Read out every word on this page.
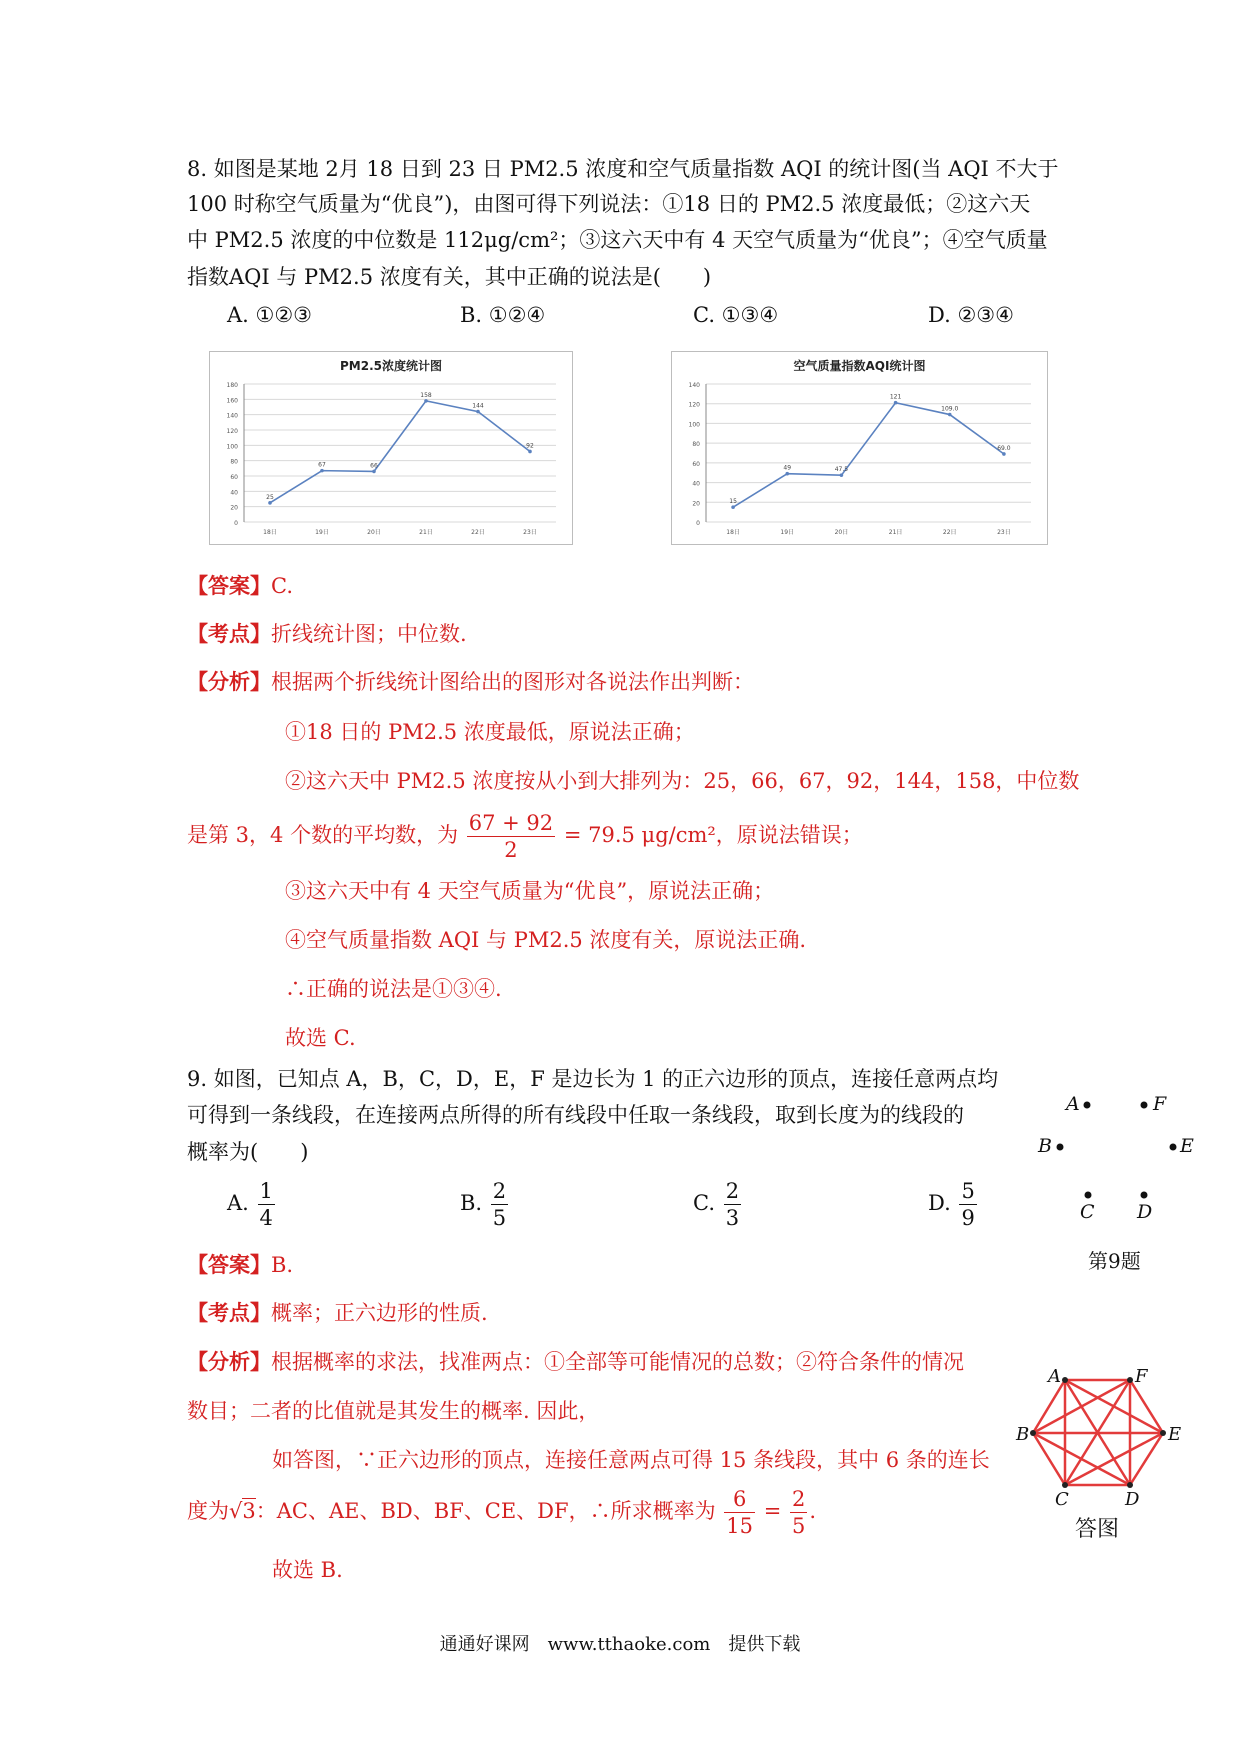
8. 如图是某地 2月 18 日到 23 日 PM2.5 浓度和空气质量指数 AQI 的统计图(当 AQI 不大于
100 时称空气质量为“优良”)，由图可得下列说法：①18 日的 PM2.5 浓度最低；②这六天
中 PM2.5 浓度的中位数是 112μg/cm²；③这六天中有 4 天空气质量为“优良”；④空气质量
指数AQI 与 PM2.5 浓度有关，其中正确的说法是(　　)
A. ①②③	B. ①②④	C. ①③④	D. ②③④
PM2.5浓度统计图
0
20
40
60
80
100
120
140
160
180
18日	19日	20日	21日	22日	23日
25
67	66
158
144
92
空气质量指数AQI统计图
0
20
40
60
80
100
120
140
18日	19日	20日	21日	22日	23日
15
49	47.5
121
109.0
69.0
【答案】C.
【考点】折线统计图；中位数.
【分析】根据两个折线统计图给出的图形对各说法作出判断：
①18 日的 PM2.5 浓度最低，原说法正确；
②这六天中 PM2.5 浓度按从小到大排列为：25，66，67，92，144，158，中位数
是第 3，4 个数的平均数，为 $\frac{67 + 92}{2} = 79.5$ μg/cm²，原说法错误；
③这六天中有 4 天空气质量为“优良”，原说法正确；
④空气质量指数 AQI 与 PM2.5 浓度有关，原说法正确.
∴正确的说法是①③④.
故选 C.
9. 如图，已知点 A，B，C，D，E，F 是边长为 1 的正六边形的顶点，连接任意两点均
可得到一条线段，在连接两点所得的所有线段中任取一条线段，取到长度为的线段的
概率为(　　)
A. $\frac{1}{4}$	B. $\frac{2}{5}$	C. $\frac{2}{3}$	D. $\frac{5}{9}$
A	F
B	E
C D
第9题
【答案】B.
【考点】概率；正六边形的性质.
【分析】根据概率的求法，找准两点：①全部等可能情况的总数；②符合条件的情况
数目；二者的比值就是其发生的概率. 因此，
如答图，∵正六边形的顶点，连接任意两点可得 15 条线段，其中 6 条的连长
度为√3：AC、AE、BD、BF、CE、DF，∴所求概率为 $\frac{6}{15} = \frac{2}{5}$ .
故选 B.
A	F
B	E
C	D
答图
通通好课网　www.tthaoke.com　提供下载
